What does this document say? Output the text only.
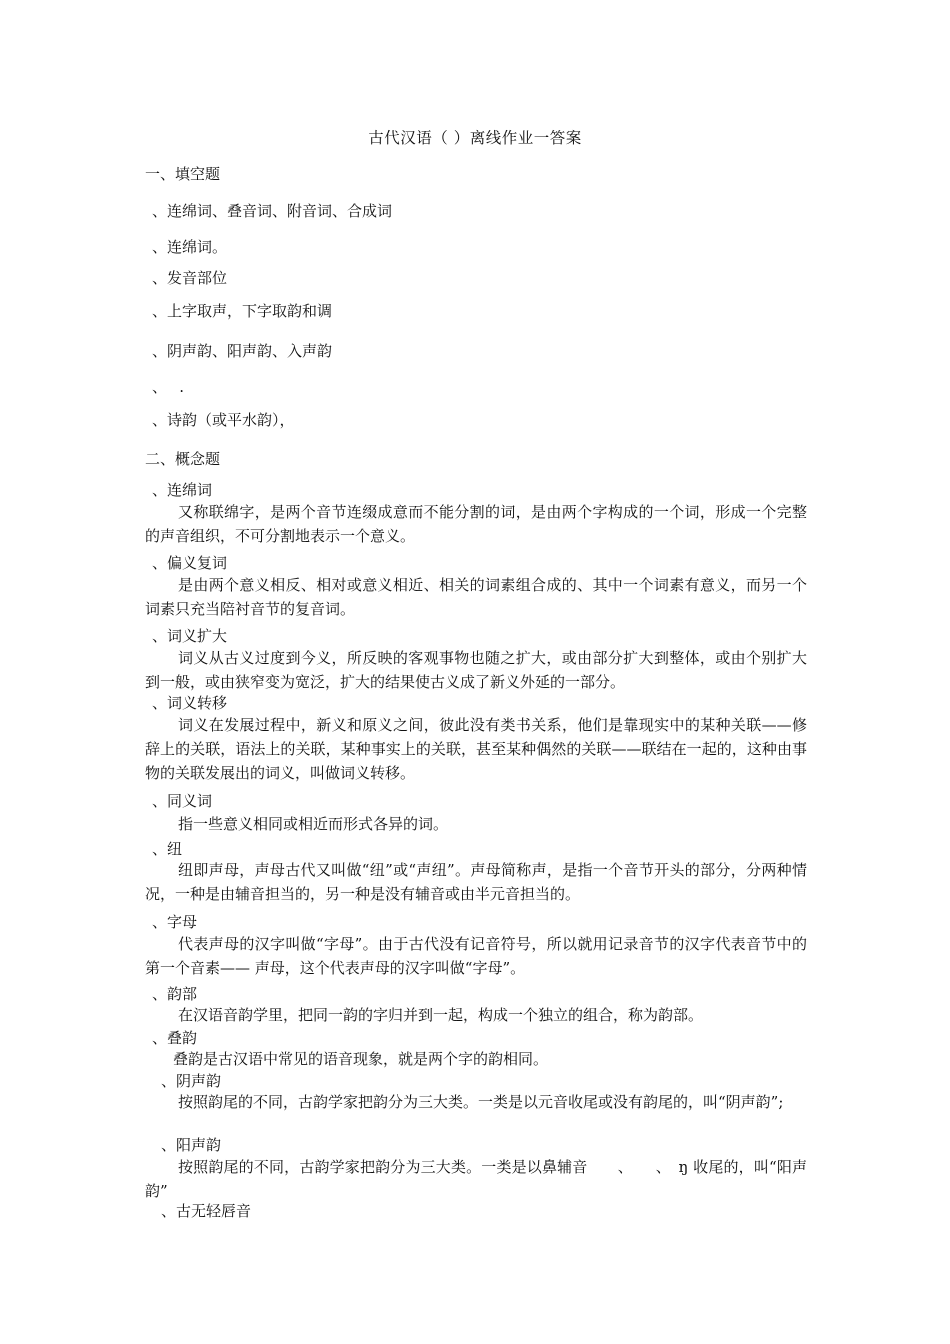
古代汉语（ ）离线作业一答案
一、填空题
、连绵词、叠音词、附音词、合成词
、连绵词。
、发音部位
、上字取声，下字取韵和调
、阴声韵、阳声韵、入声韵
、　 .
、诗韵（或平水韵），
二、概念题
、连绵词
又称联绵字，是两个音节连缀成意而不能分割的词，是由两个字构成的一个词，形成一个完整的声音组织，不可分割地表示一个意义。
、偏义复词
是由两个意义相反、相对或意义相近、相关的词素组合成的、其中一个词素有意义，而另一个词素只充当陪衬音节的复音词。
、词义扩大
词义从古义过度到今义，所反映的客观事物也随之扩大，或由部分扩大到整体，或由个别扩大到一般，或由狭窄变为宽泛，扩大的结果使古义成了新义外延的一部分。
、词义转移
词义在发展过程中，新义和原义之间，彼此没有类书关系，他们是靠现实中的某种关联——修辞上的关联，语法上的关联，某种事实上的关联，甚至某种偶然的关联——联结在一起的，这种由事物的关联发展出的词义，叫做词义转移。
、同义词
指一些意义相同或相近而形式各异的词。
、纽
纽即声母，声母古代又叫做“纽”或“声纽”。声母简称声，是指一个音节开头的部分，分两种情况，一种是由辅音担当的，另一种是没有辅音或由半元音担当的。
、字母
代表声母的汉字叫做“字母”。由于古代没有记音符号，所以就用记录音节的汉字代表音节中的第一个音素—— 声母，这个代表声母的汉字叫做“字母”。
、韵部
在汉语音韵学里，把同一韵的字归并到一起，构成一个独立的组合，称为韵部。
、叠韵
叠韵是古汉语中常见的语音现象，就是两个字的韵相同。
、阴声韵
按照韵尾的不同，古韵学家把韵分为三大类。一类是以元音收尾或没有韵尾的，叫“阴声韵”;
、阳声韵
按照韵尾的不同，古韵学家把韵分为三大类。一类是以鼻辅音　　、　　、　ŋ 收尾的，叫“阳声韵”
、古无轻唇音
